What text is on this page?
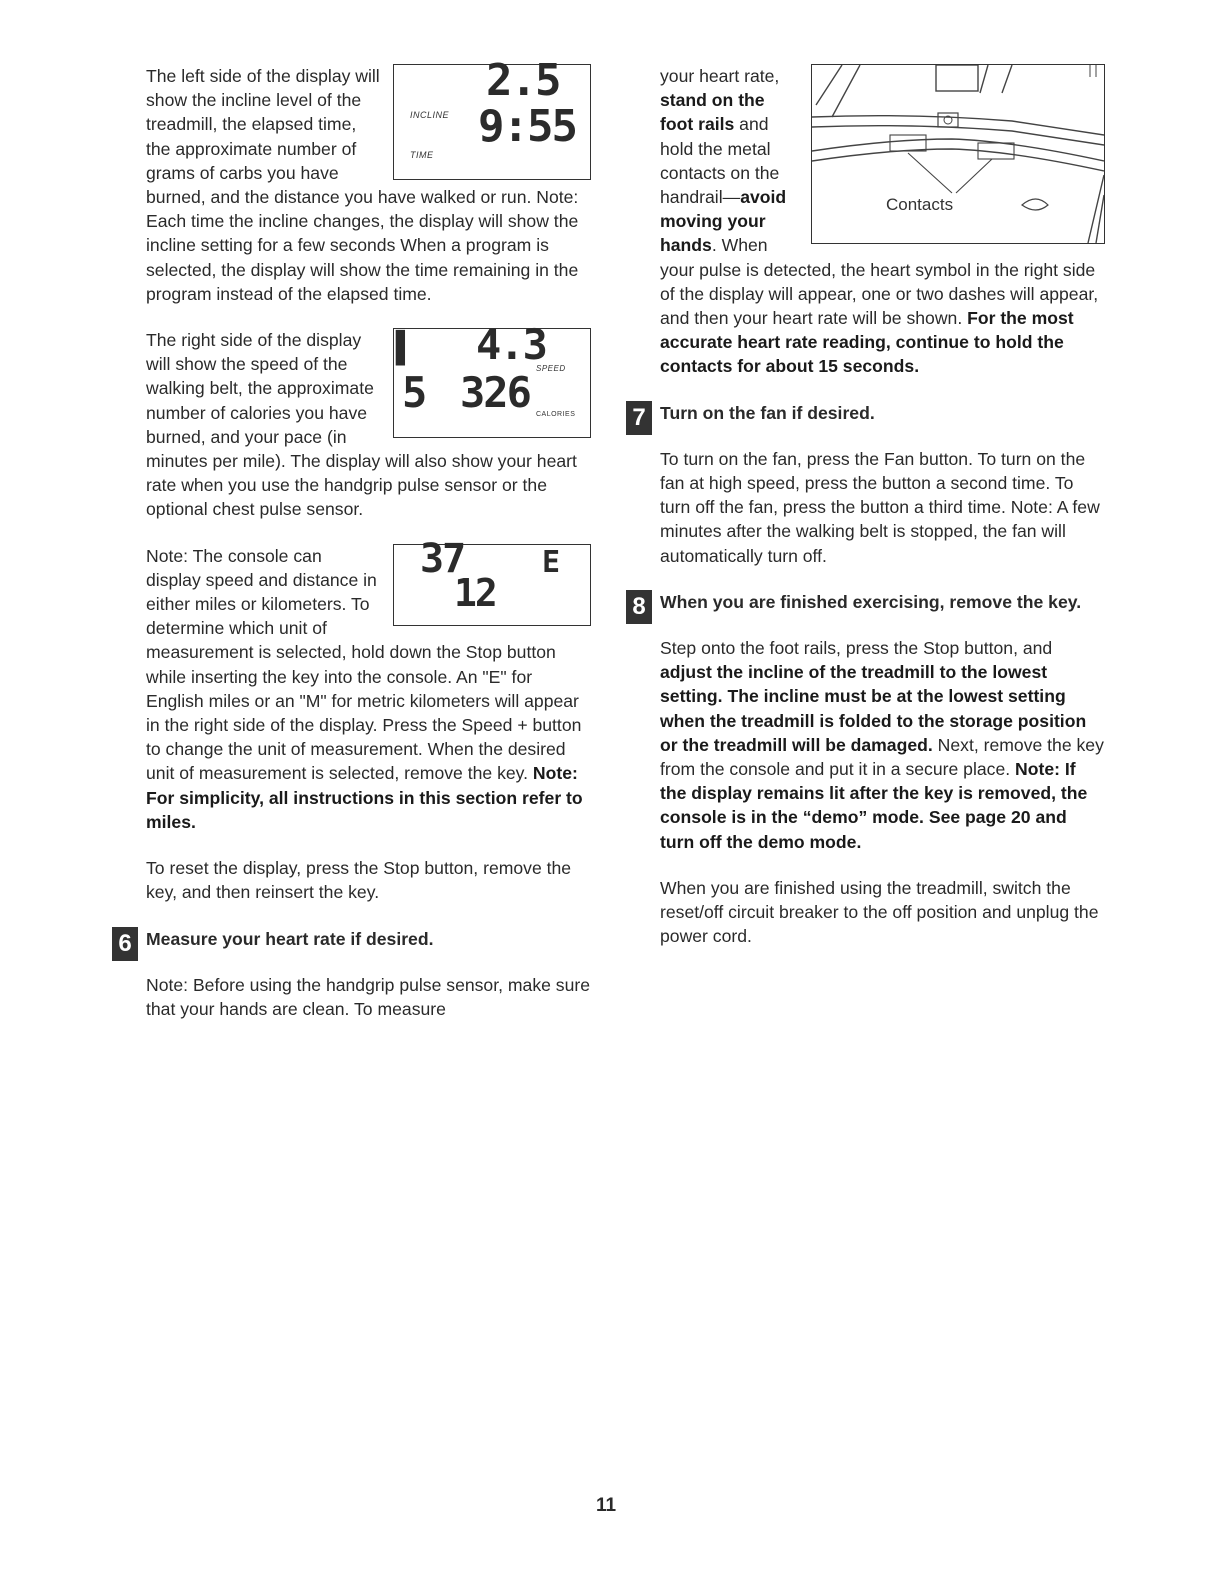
INCLINE
TIME
2.5
9:55

The left side of the display will show the incline level of the treadmill, the elapsed time, the approximate number of grams of carbs you have burned, and the distance you have walked or run. Note: Each time the incline changes, the display will show the incline setting for a few seconds When a program is selected, the display will show the time remaining in the program instead of the elapsed time.

▌ 4.3
SPEED
5 326 CALORIES

The right side of the display will show the speed of the walking belt, the approximate number of calories you have burned, and your pace (in minutes per mile). The display will also show your heart rate when you use the handgrip pulse sensor or the optional chest pulse sensor.

37	E
12

Note: The console can display speed and distance in either miles or kilometers. To determine which unit of measurement is selected, hold down the Stop button while inserting the key into the console. An "E" for English miles or an "M" for metric kilometers will appear in the right side of the display. Press the Speed + button to change the unit of measurement. When the desired unit of measurement is selected, remove the key. Note: For simplicity, all instructions in this section refer to miles.

To reset the display, press the Stop button, remove the key, and then reinsert the key.

6 Measure your heart rate if desired.

Note: Before using the handgrip pulse sensor, make sure that your hands are clean. To measure

Contacts

your heart rate, stand on the foot rails and hold the metal contacts on the handrail—avoid moving your hands. When your pulse is detected, the heart symbol in the right side of the display will appear, one or two dashes will appear, and then your heart rate will be shown. For the most accurate heart rate reading, continue to hold the contacts for about 15 seconds.

7 Turn on the fan if desired.

To turn on the fan, press the Fan button. To turn on the fan at high speed, press the button a second time. To turn off the fan, press the button a third time. Note: A few minutes after the walking belt is stopped, the fan will automatically turn off.

8 When you are finished exercising, remove the key.

Step onto the foot rails, press the Stop button, and adjust the incline of the treadmill to the lowest setting. The incline must be at the lowest setting when the treadmill is folded to the storage position or the treadmill will be damaged. Next, remove the key from the console and put it in a secure place. Note: If the display remains lit after the key is removed, the console is in the “demo” mode. See page 20 and turn off the demo mode.

When you are finished using the treadmill, switch the reset/off circuit breaker to the off position and unplug the power cord.

11
